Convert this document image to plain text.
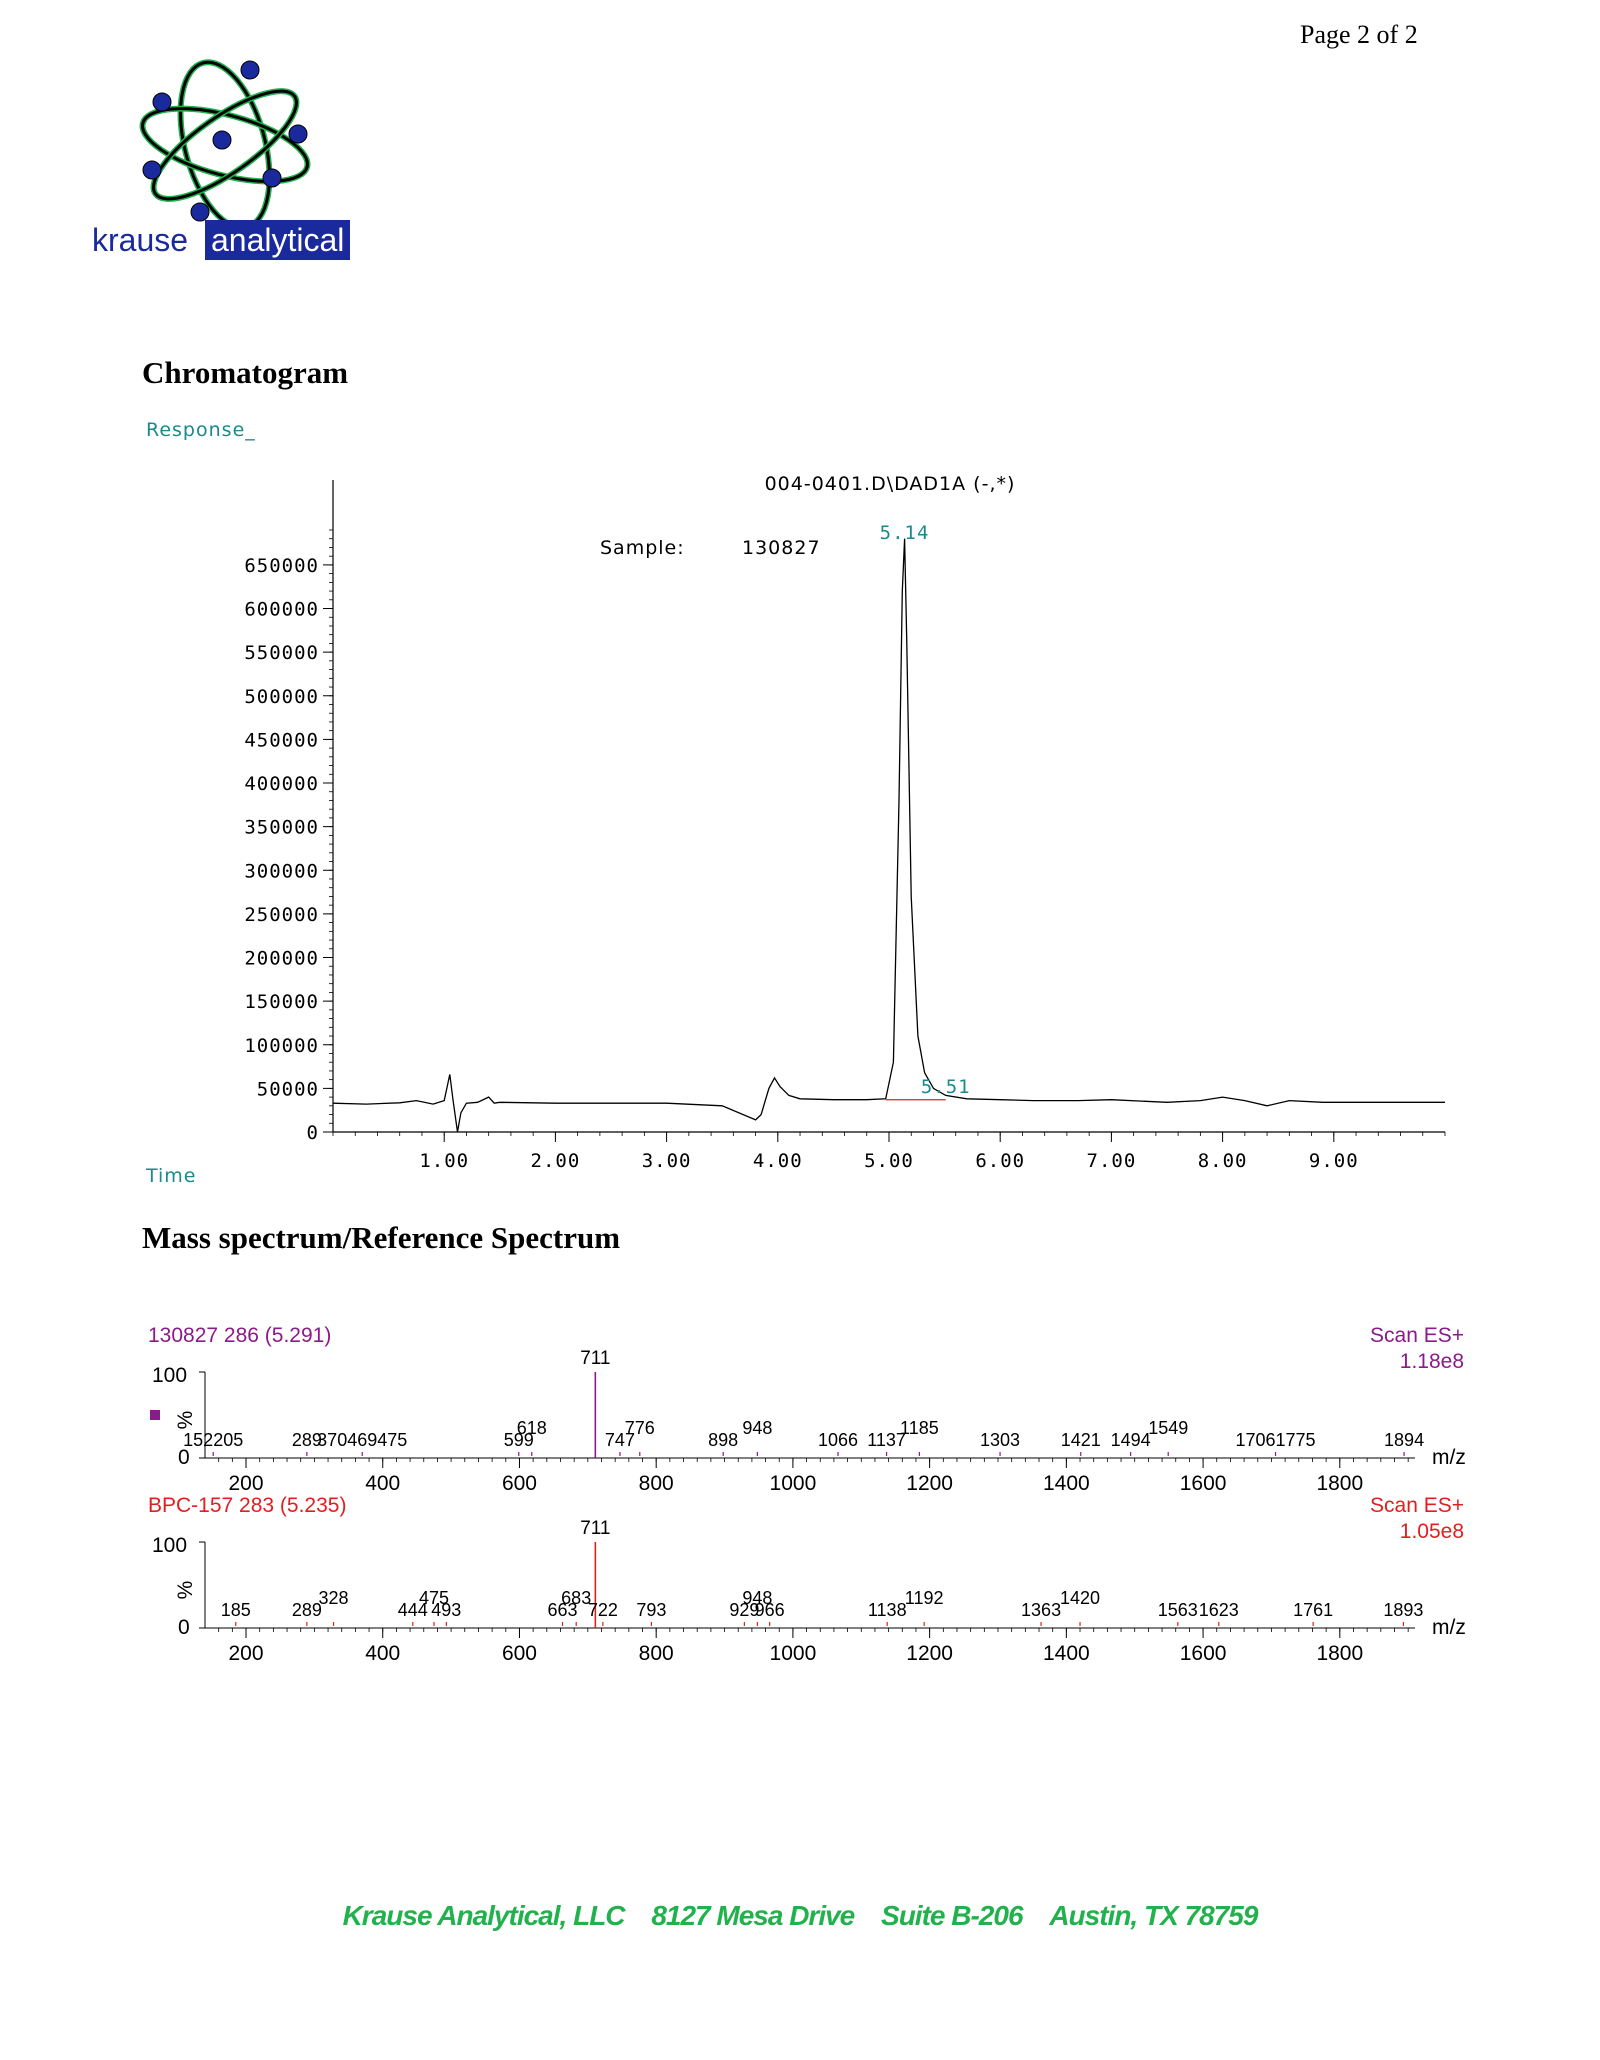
Page 2 of 2
krause analytical
Chromatogram
Response_
Time
004-0401.D\DAD1A (-,*)
Sample:	130827
0
50000
100000
150000
200000
250000
300000
350000
400000
450000
500000
550000
600000
650000
1.00	2.00	3.00	4.00	5.00	6.00	7.00	8.00	9.00
5.14
5.51
Mass spectrum/Reference Spectrum
130827 286 (5.291)	Scan ES+
1.18e8
100
0
%
200	400	600	800	1000	1200	1400	1600	1800
m/z
711
152205	289
370469475	599
618
747
776
898
948
1066 1137
1185
1303 1421 1494
1549
17061775	1894
BPC-157 283 (5.235)	Scan ES+
1.05e8
100
0
%
200	400	600	800	1000	1200	1400	1600	1800
m/z
711
185 289
328
444
475
493	663
683
722 793	929
948
966	1138
1192
1363
1420
1563 1623	1761	1893
Krause Analytical, LLC 8127 Mesa Drive Suite B-206 Austin, TX 78759
